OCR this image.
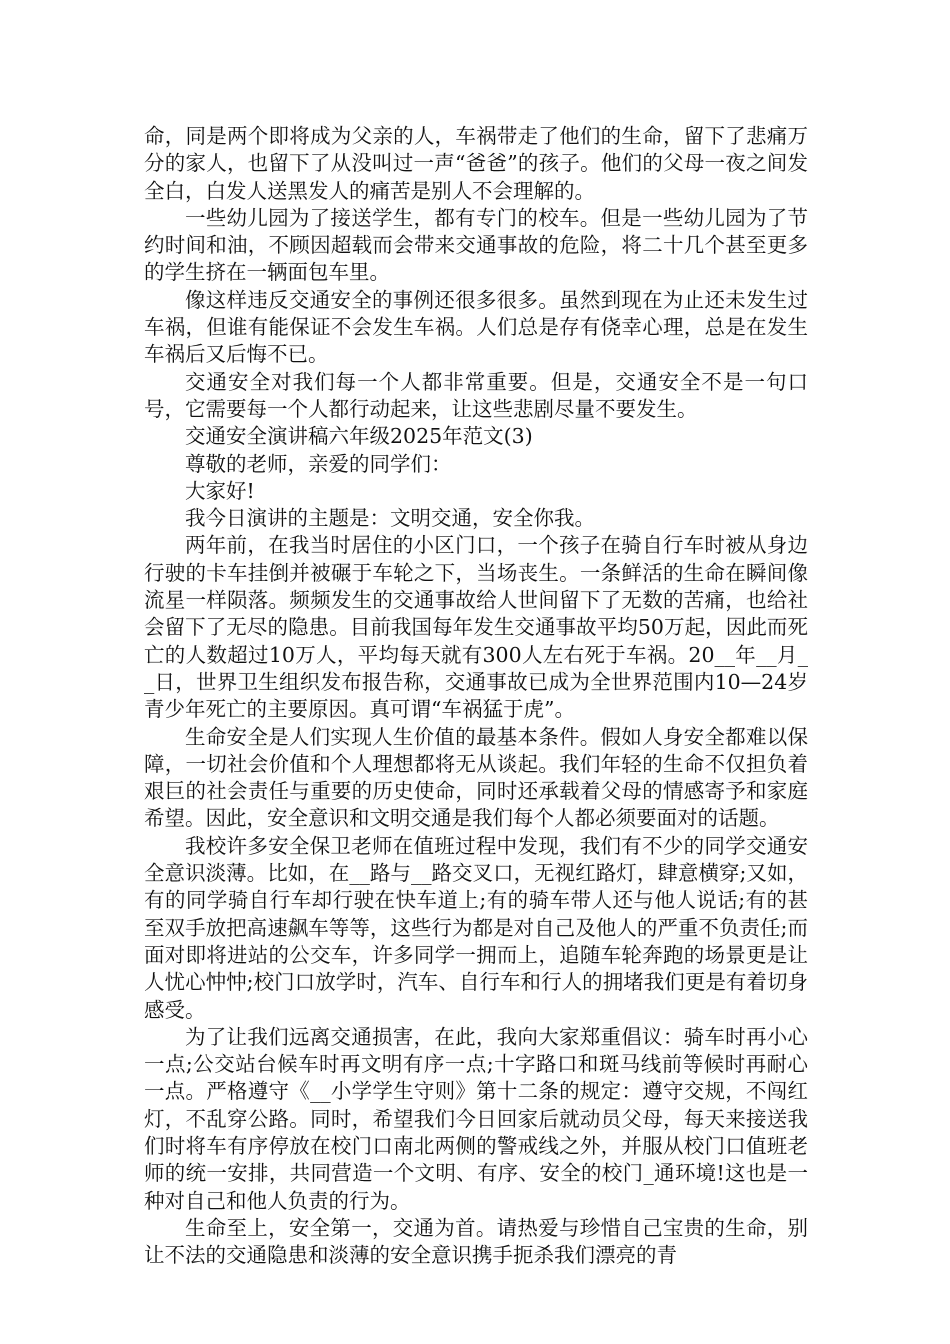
命，同是两个即将成为父亲的人，车祸带走了他们的生命，留下了悲痛万分的家人，也留下了从没叫过一声“爸爸”的孩子。他们的父母一夜之间发全白，白发人送黑发人的痛苦是别人不会理解的。

一些幼儿园为了接送学生，都有专门的校车。但是一些幼儿园为了节约时间和油，不顾因超载而会带来交通事故的危险，将二十几个甚至更多的学生挤在一辆面包车里。

像这样违反交通安全的事例还很多很多。虽然到现在为止还未发生过车祸，但谁有能保证不会发生车祸。人们总是存有侥幸心理，总是在发生车祸后又后悔不已。

交通安全对我们每一个人都非常重要。但是，交通安全不是一句口号，它需要每一个人都行动起来，让这些悲剧尽量不要发生。

交通安全演讲稿六年级2025年范文(3)

尊敬的老师，亲爱的同学们：

大家好!

我今日演讲的主题是：文明交通，安全你我。

两年前，在我当时居住的小区门口，一个孩子在骑自行车时被从身边行驶的卡车挂倒并被碾于车轮之下，当场丧生。一条鲜活的生命在瞬间像流星一样陨落。频频发生的交通事故给人世间留下了无数的苦痛，也给社会留下了无尽的隐患。目前我国每年发生交通事故平均50万起，因此而死亡的人数超过10万人，平均每天就有300人左右死于车祸。20__年__月__日，世界卫生组织发布报告称，交通事故已成为全世界范围内10—24岁青少年死亡的主要原因。真可谓“车祸猛于虎”。

生命安全是人们实现人生价值的最基本条件。假如人身安全都难以保障，一切社会价值和个人理想都将无从谈起。我们年轻的生命不仅担负着艰巨的社会责任与重要的历史使命，同时还承载着父母的情感寄予和家庭希望。因此，安全意识和文明交通是我们每个人都必须要面对的话题。

我校许多安全保卫老师在值班过程中发现，我们有不少的同学交通安全意识淡薄。比如，在__路与__路交叉口，无视红路灯，肆意横穿;又如，有的同学骑自行车却行驶在快车道上;有的骑车带人还与他人说话;有的甚至双手放把高速飙车等等，这些行为都是对自己及他人的严重不负责任;而面对即将进站的公交车，许多同学一拥而上，追随车轮奔跑的场景更是让人忧心忡忡;校门口放学时，汽车、自行车和行人的拥堵我们更是有着切身感受。

为了让我们远离交通损害，在此，我向大家郑重倡议：骑车时再小心一点;公交站台候车时再文明有序一点;十字路口和斑马线前等候时再耐心一点。严格遵守《__小学学生守则》第十二条的规定：遵守交规，不闯红灯，不乱穿公路。同时，希望我们今日回家后就动员父母，每天来接送我们时将车有序停放在校门口南北两侧的警戒线之外，并服从校门口值班老师的统一安排，共同营造一个文明、有序、安全的校门_通环境!这也是一种对自己和他人负责的行为。

生命至上，安全第一，交通为首。请热爱与珍惜自己宝贵的生命，别让不法的交通隐患和淡薄的安全意识携手扼杀我们漂亮的青
